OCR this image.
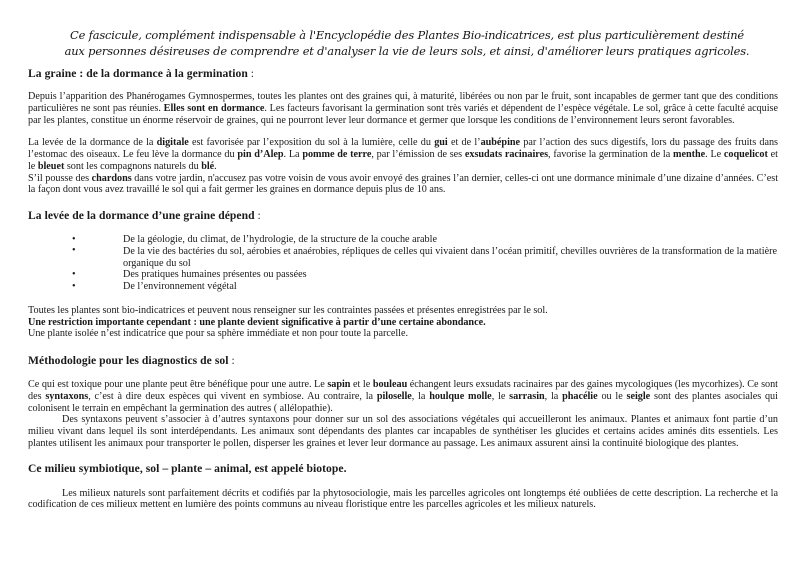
Ce fascicule, complément indispensable à l'Encyclopédie des Plantes Bio-indicatrices, est plus particulièrement destiné
aux personnes désireuses de comprendre et d'analyser la vie de leurs sols, et ainsi, d'améliorer leurs pratiques agricoles.
La graine : de la dormance à la germination :

Depuis l’apparition des Phanérogames Gymnospermes, toutes les plantes ont des graines qui, à maturité, libérées ou non par le fruit, sont incapables de germer tant que des conditions particulières ne sont pas réunies. Elles sont en dormance. Les facteurs favorisant la germination sont très variés et dépendent de l’espèce végétale. Le sol, grâce à cette faculté acquise par les plantes, constitue un énorme réservoir de graines, qui ne pourront lever leur dormance et germer que lorsque les conditions de l’environnement leurs seront favorables.

La levée de la dormance de la digitale est favorisée par l’exposition du sol à la lumière, celle du gui et de l’aubépine par l’action des sucs digestifs, lors du passage des fruits dans l’estomac des oiseaux. Le feu lève la dormance du pin d’Alep. La pomme de terre, par l’émission de ses exsudats racinaires, favorise la germination de la menthe. Le coquelicot et le bleuet sont les compagnons naturels du blé.

S’il pousse des chardons dans votre jardin, n'accusez pas votre voisin de vous avoir envoyé des graines l’an dernier, celles-ci ont une dormance minimale d’une dizaine d’années. C’est la façon dont vous avez travaillé le sol qui a fait germer les graines en dormance depuis plus de 10 ans.

La levée de la dormance d’une graine dépend :
•	De la géologie, du climat, de l’hydrologie, de la structure de la couche arable
•	De la vie des bactéries du sol, aérobies et anaérobies, répliques de celles qui vivaient dans l’océan primitif, chevilles ouvrières de la transformation de la matière organique du sol
•	Des pratiques humaines présentes ou passées
•	De l’environnement végétal

Toutes les plantes sont bio-indicatrices et peuvent nous renseigner sur les contraintes passées et présentes enregistrées par le sol.

Une restriction importante cependant : une plante devient significative à partir d’une certaine abondance.

Une plante isolée n’est indicatrice que pour sa sphère immédiate et non pour toute la parcelle.

Méthodologie pour les diagnostics de sol :

Ce qui est toxique pour une plante peut être bénéfique pour une autre. Le sapin et le bouleau échangent leurs exsudats racinaires par des gaines mycologiques (les mycorhizes). Ce sont des syntaxons, c’est à dire deux espèces qui vivent en symbiose. Au contraire, la piloselle, la houlque molle, le sarrasin, la phacélie ou le seigle sont des plantes asociales qui colonisent le terrain en empêchant la germination des autres ( allélopathie).

Des syntaxons peuvent s’associer à d’autres syntaxons pour donner sur un sol des associations végétales qui accueilleront les animaux. Plantes et animaux font partie d’un milieu vivant dans lequel ils sont interdépendants. Les animaux sont dépendants des plantes car incapables de synthétiser les glucides et certains acides aminés dits essentiels. Les plantes utilisent les animaux pour transporter le pollen, disperser les graines et lever leur dormance au passage. Les animaux assurent ainsi la continuité biologique des plantes.

Ce milieu symbiotique, sol – plante – animal, est appelé biotope.

Les milieux naturels sont parfaitement décrits et codifiés par la phytosociologie, mais les parcelles agricoles ont longtemps été oubliées de cette description. La recherche et la codification de ces milieux mettent en lumière des points communs au niveau floristique entre les parcelles agricoles et les milieux naturels.
